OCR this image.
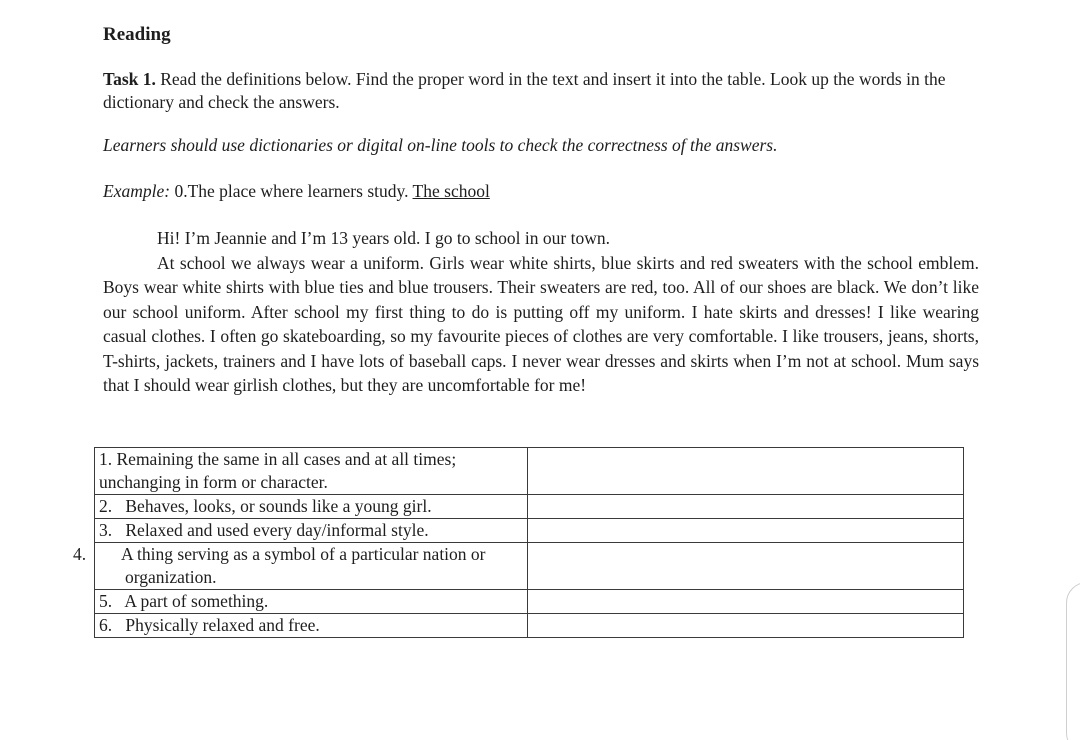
Reading

Task 1. Read the definitions below. Find the proper word in the text and insert it into the table. Look up the words in the dictionary and check the answers.

Learners should use dictionaries or digital on-line tools to check the correctness of the answers.

Example: 0.The place where learners study. The school

Hi! I’m Jeannie and I’m 13 years old. I go to school in our town.

At school we always wear a uniform. Girls wear white shirts, blue skirts and red sweaters with the school emblem. Boys wear white shirts with blue ties and blue trousers. Their sweaters are red, too. All of our shoes are black. We don’t like our school uniform. After school my first thing to do is putting off my uniform. I hate skirts and dresses! I like wearing casual clothes. I often go skateboarding, so my favourite pieces of clothes are very comfortable. I like trousers, jeans, shorts, T-shirts, jackets, trainers and I have lots of baseball caps. I never wear dresses and skirts when I’m not at school. Mum says that I should wear girlish clothes, but they are uncomfortable for me!

1. Remaining the same in all cases and at all times; unchanging in form or character.	
2. Behaves, looks, or sounds like a young girl.	
3. Relaxed and used every day/informal style.	

4. A thing serving as a symbol of a particular nation or organization.	

5. A part of something.	
6. Physically relaxed and free.	
